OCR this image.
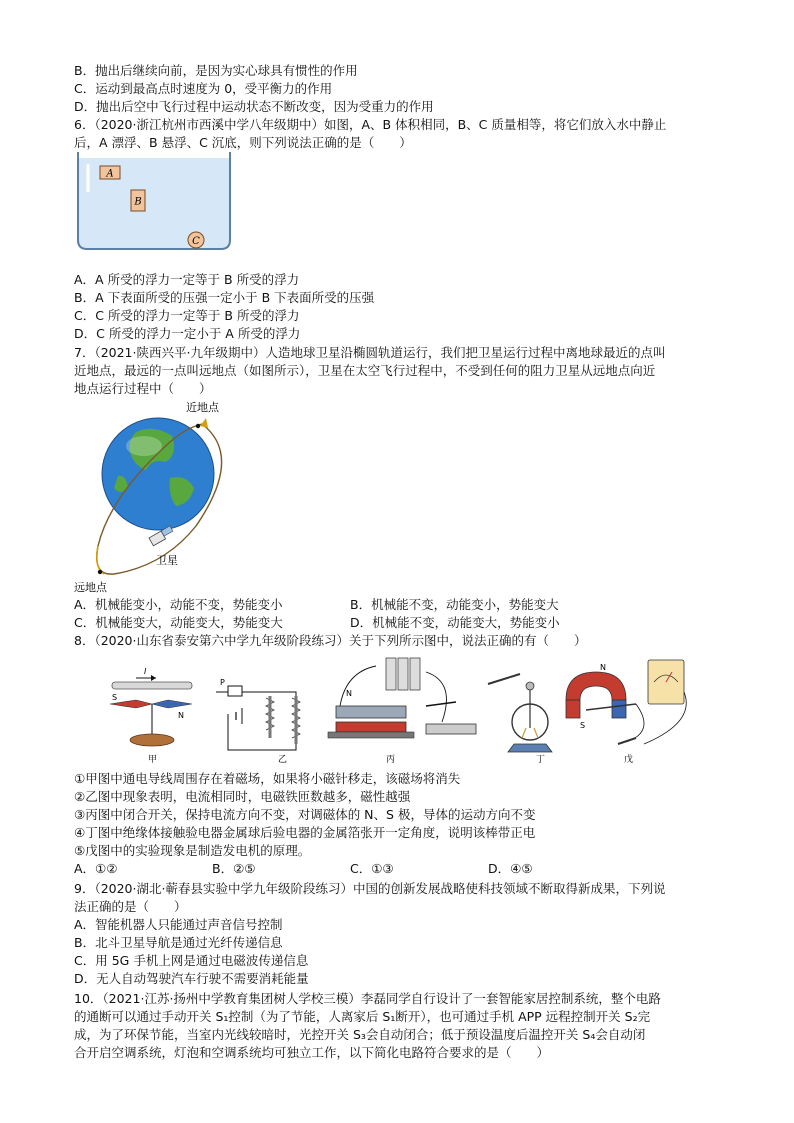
B．抛出后继续向前，是因为实心球具有惯性的作用
C．运动到最高点时速度为 0，受平衡力的作用
D．抛出后空中飞行过程中运动状态不断改变，因为受重力的作用
6．（2020·浙江杭州市西溪中学八年级期中）如图，A、B 体积相同，B、C 质量相等，将它们放入水中静止
后，A 漂浮、B 悬浮、C 沉底，则下列说法正确的是（　　）
A
B
C
A．A 所受的浮力一定等于 B 所受的浮力
B．A 下表面所受的压强一定小于 B 下表面所受的压强
C．C 所受的浮力一定等于 B 所受的浮力
D．C 所受的浮力一定小于 A 所受的浮力
7．（2021·陕西兴平·九年级期中）人造地球卫星沿椭圆轨道运行，我们把卫星运行过程中离地球最近的点叫
近地点，最远的一点叫远地点（如图所示），卫星在太空飞行过程中，不受到任何的阻力卫星从远地点向近
地点运行过程中（　　）
近地点
卫星
远地点
A．机械能变小，动能不变，势能变小	B．机械能不变，动能变小，势能变大
C．机械能变大，动能变大，势能变大	D．机械能不变，动能变大，势能变小
8．（2020·山东省泰安第六中学九年级阶段练习）关于下列所示图中，说法正确的有（　　）
I
S
N
甲
P
乙
N
丙	丁
N
S
戊
①甲图中通电导线周围存在着磁场，如果将小磁针移走，该磁场将消失
②乙图中现象表明，电流相同时，电磁铁匝数越多，磁性越强
③丙图中闭合开关，保持电流方向不变，对调磁体的 N、S 极，导体的运动方向不变
④丁图中绝缘体接触验电器金属球后验电器的金属箔张开一定角度，说明该棒带正电
⑤戊图中的实验现象是制造发电机的原理。
A．①②	B．②⑤	C．①③	D．④⑤
9．（2020·湖北·蕲春县实验中学九年级阶段练习）中国的创新发展战略使科技领域不断取得新成果，下列说
法正确的是（　　）
A．智能机器人只能通过声音信号控制
B．北斗卫星导航是通过光纤传递信息
C．用 5G 手机上网是通过电磁波传递信息
D．无人自动驾驶汽车行驶不需要消耗能量
10．（2021·江苏·扬州中学教育集团树人学校三模）李磊同学自行设计了一套智能家居控制系统，整个电路
的通断可以通过手动开关 S₁控制（为了节能，人离家后 S₁断开），也可通过手机 APP 远程控制开关 S₂完
成，为了环保节能，当室内光线较暗时，光控开关 S₃会自动闭合；低于预设温度后温控开关 S₄会自动闭
合开启空调系统，灯泡和空调系统均可独立工作，以下简化电路符合要求的是（　　）
